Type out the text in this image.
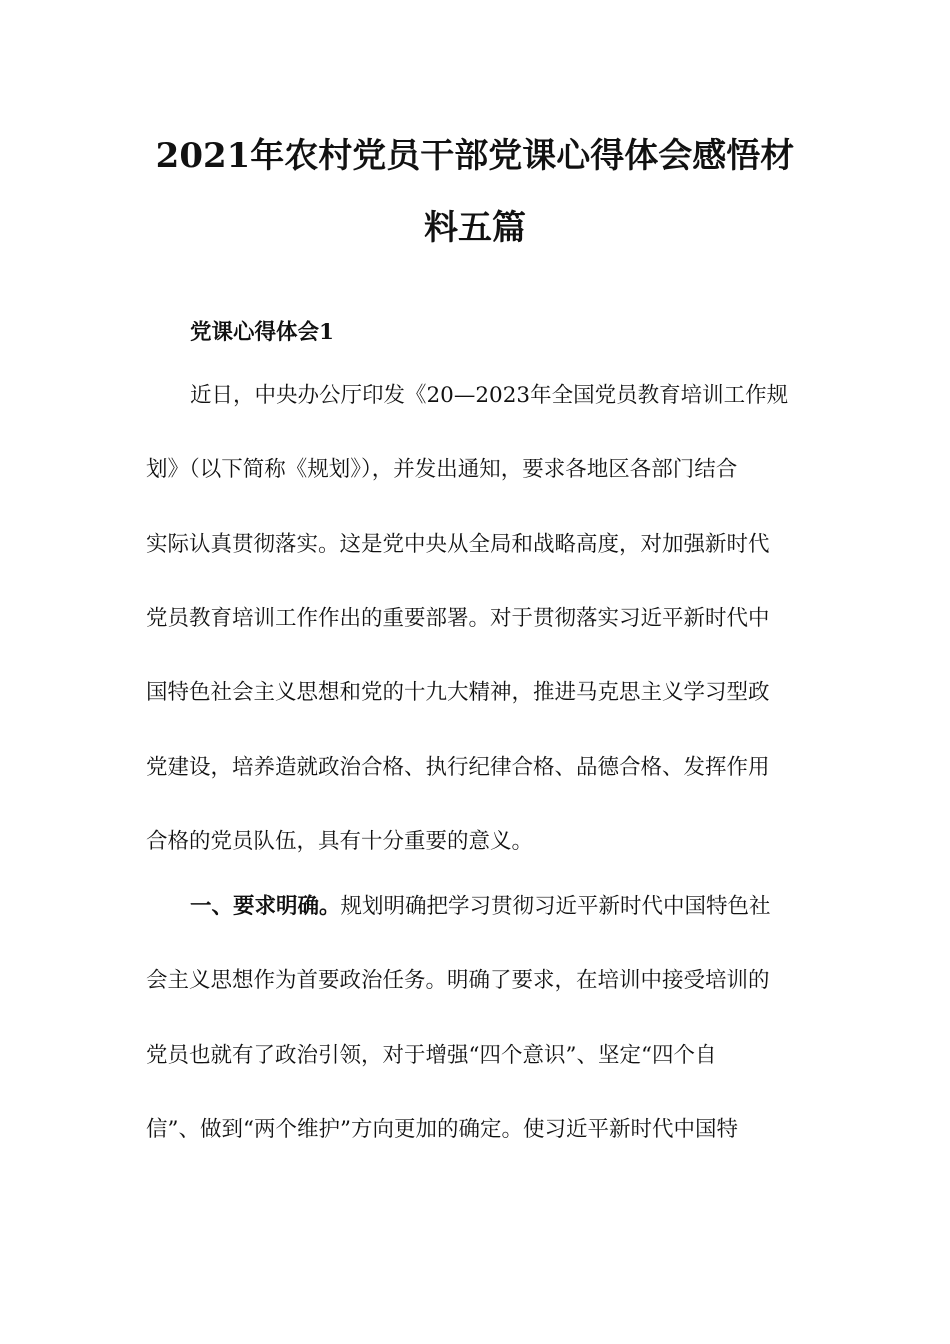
2021年农村党员干部党课心得体会感悟材
料五篇

党课心得体会1

近日，中央办公厅印发《20—2023年全国党员教育培训工作规

划》（以下简称《规划》），并发出通知，要求各地区各部门结合

实际认真贯彻落实。这是党中央从全局和战略高度，对加强新时代

党员教育培训工作作出的重要部署。对于贯彻落实习近平新时代中

国特色社会主义思想和党的十九大精神，推进马克思主义学习型政

党建设，培养造就政治合格、执行纪律合格、品德合格、发挥作用

合格的党员队伍，具有十分重要的意义。

一、要求明确。规划明确把学习贯彻习近平新时代中国特色社

会主义思想作为首要政治任务。明确了要求，在培训中接受培训的

党员也就有了政治引领，对于增强“四个意识”、坚定“四个自

信”、做到“两个维护”方向更加的确定。使习近平新时代中国特
